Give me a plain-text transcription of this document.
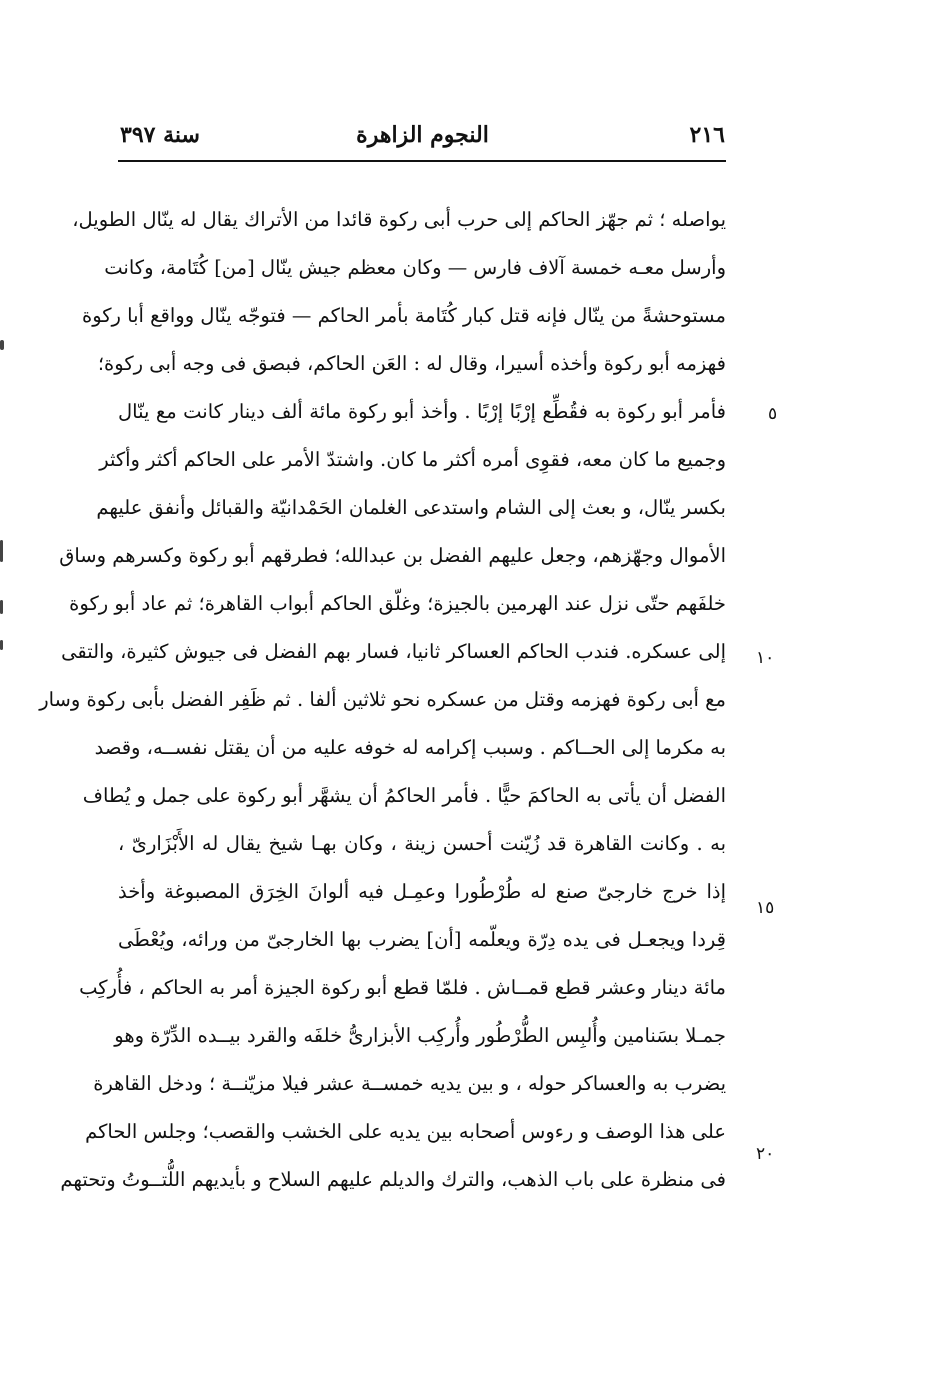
٢١٦
النجوم الزاهرة
سنة ٣٩٧
يواصله ؛ ثم جهّز الحاكم إلى حرب أبى ركوة قائدا من الأتراك يقال له ينّال الطويل،
وأرسل معـه خمسة آلاف فارس — وكان معظم جيش ينّال [من] كُتَامة، وكانت
مستوحشةً من ينّال فإنه قتل كبار كُتَامة بأمر الحاكم — فتوجّه ينّال وواقع أبا ركوة
فهزمه أبو ركوة وأخذه أسيرا، وقال له : العَن الحاكم، فبصق فى وجه أبى ركوة؛
فأمر أبو ركوة به فقُطِّع إرْبًا إرْبًا . وأخذ أبو ركوة مائة ألف دينار كانت مع ينّال
وجميع ما كان معه، فقوِى أمره أكثر ما كان. واشتدّ الأمر على الحاكم أكثر وأكثر
بكسر ينّال، و بعث إلى الشام واستدعى الغلمان الحَمْدانيّة والقبائل وأنفق عليهم
الأموال وجهّزهم، وجعل عليهم الفضل بن عبدالله؛ فطرقهم أبو ركوة وكسرهم وساق
خلفَهم حتّى نزل عند الهرمين بالجيزة؛ وغلّق الحاكم أبواب القاهرة؛ ثم عاد أبو ركوة
إلى عسكره. فندب الحاكم العساكر ثانيا، فسار بهم الفضل فى جيوش كثيرة، والتقى
مع أبى ركوة فهزمه وقتل من عسكره نحو ثلاثين ألفا . ثم ظَفِر الفضل بأبى ركوة وسار
به مكرما إلى الحــاكم . وسبب إكرامه له خوفه عليه من أن يقتل نفســه، وقصد
الفضل أن يأتى به الحاكمَ حيًّا . فأمر الحاكمُ أن يشهَّر أبو ركوة على جمل و يُطاف
به . وكانت القاهرة قد زُيّنت أحسن زينة ، وكان بهـا شيخ يقال له الأَبْزَارىّ ،
إذا خرج خارجىّ صنع له طُرْطُورا وعمِـل فيه ألوانَ الخِرَق المصبوغة وأخذ
قِردا ويجعـل فى يده دِرّة ويعلّمه [أن] يضرب بها الخارجىّ من ورائه، ويُعْطَى
مائة دينار وعشر قطع قمــاش . فلمّا قطع أبو ركوة الجيزة أمر به الحاكم ، فأُركِب
جمـلا بسَنامين وأُلبِس الطُّرْطُور وأُركِب الأبزارىُّ خلفَه والقرد بيــده الدِّرّة وهو
يضرب به والعساكر حوله ، و بين يديه خمســة عشر فيلا مزيّنــة ؛ ودخل القاهرة
على هذا الوصف و رءوس أصحابه بين يديه على الخشب والقصب؛ وجلس الحاكم
فى منظرة على باب الذهب، والترك والديلم عليهم السلاح و بأيديهم اللُّتــوتُ وتحتهم
٥
١٠
١٥
٢٠
